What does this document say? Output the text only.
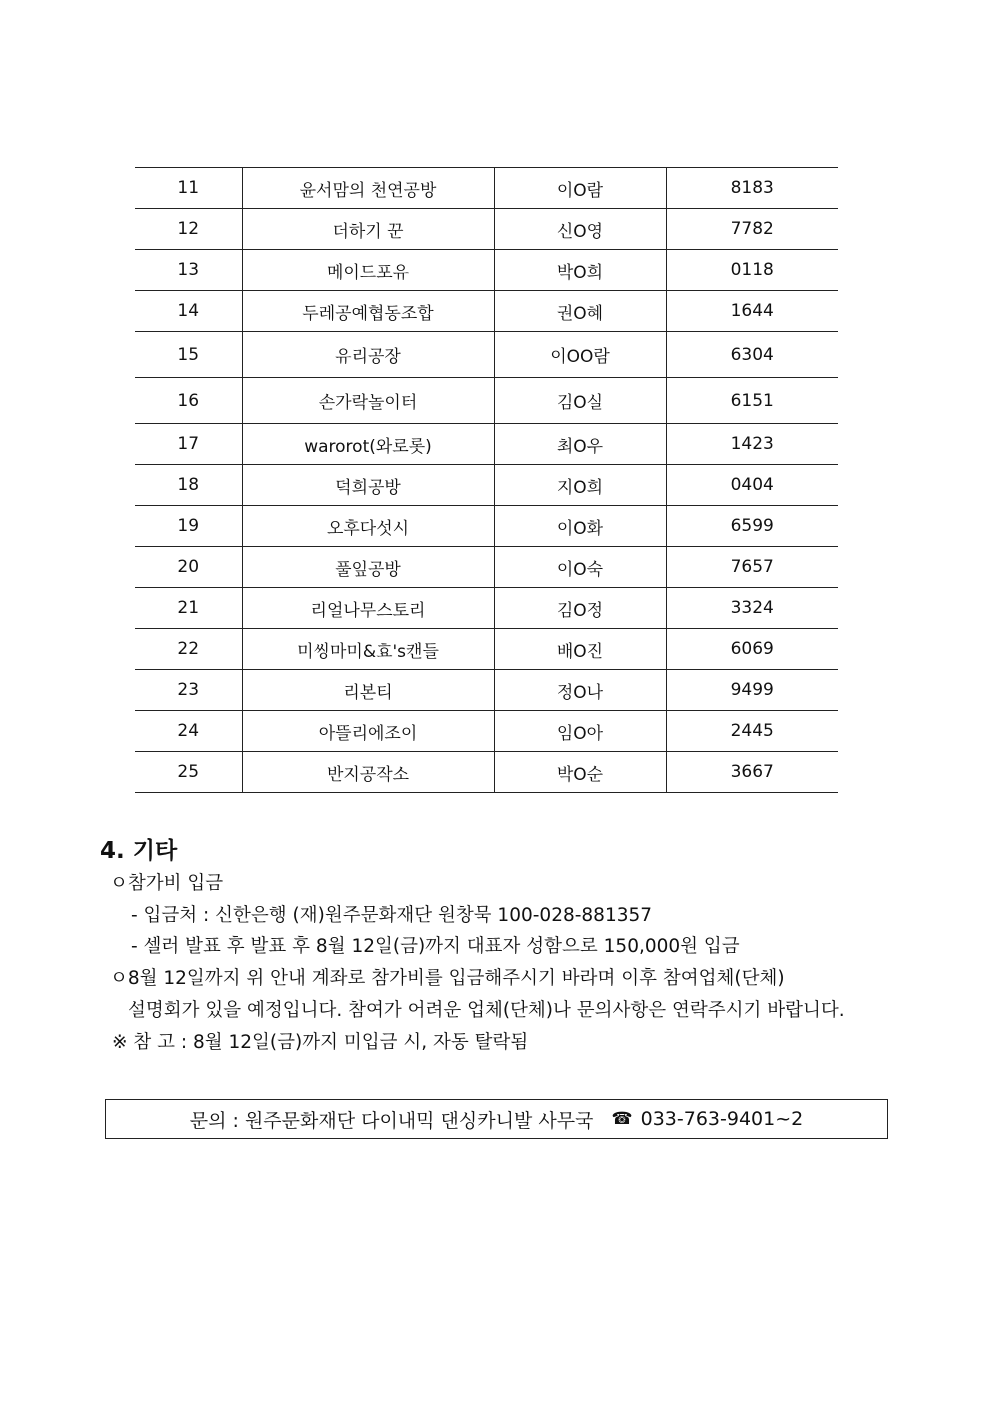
11	윤서맘의 천연공방	이O람	8183
12	더하기 꾼	신O영	7782
13	메이드포유	박O희	0118
14	두레공예협동조합	권O혜	1644
15	유리공장	이OO람	6304
16	손가락놀이터	김O실	6151
17	warorot(와로롯)	최O우	1423
18	덕희공방	지O희	0404
19	오후다섯시	이O화	6599
20	풀잎공방	이O숙	7657
21	리얼나무스토리	김O정	3324
22	미씽마미&효's캔들	배O진	6069
23	리본티	정O나	9499
24	아뜰리에조이	임O아	2445
25	반지공작소	박O순	3667
4. 기타
ㅇ참가비 입금
- 입금처 : 신한은행 (재)원주문화재단 원창묵 100-028-881357
- 셀러 발표 후 발표 후 8월 12일(금)까지 대표자 성함으로 150,000원 입금
ㅇ8월 12일까지 위 안내 계좌로 참가비를 입금해주시기 바라며 이후 참여업체(단체)
설명회가 있을 예정입니다. 참여가 어려운 업체(단체)나 문의사항은 연락주시기 바랍니다.
※ 참 고 : 8월 12일(금)까지 미입금 시, 자동 탈락됨
문의 : 원주문화재단 다이내믹 댄싱카니발 사무국 ☎ 033-763-9401~2
